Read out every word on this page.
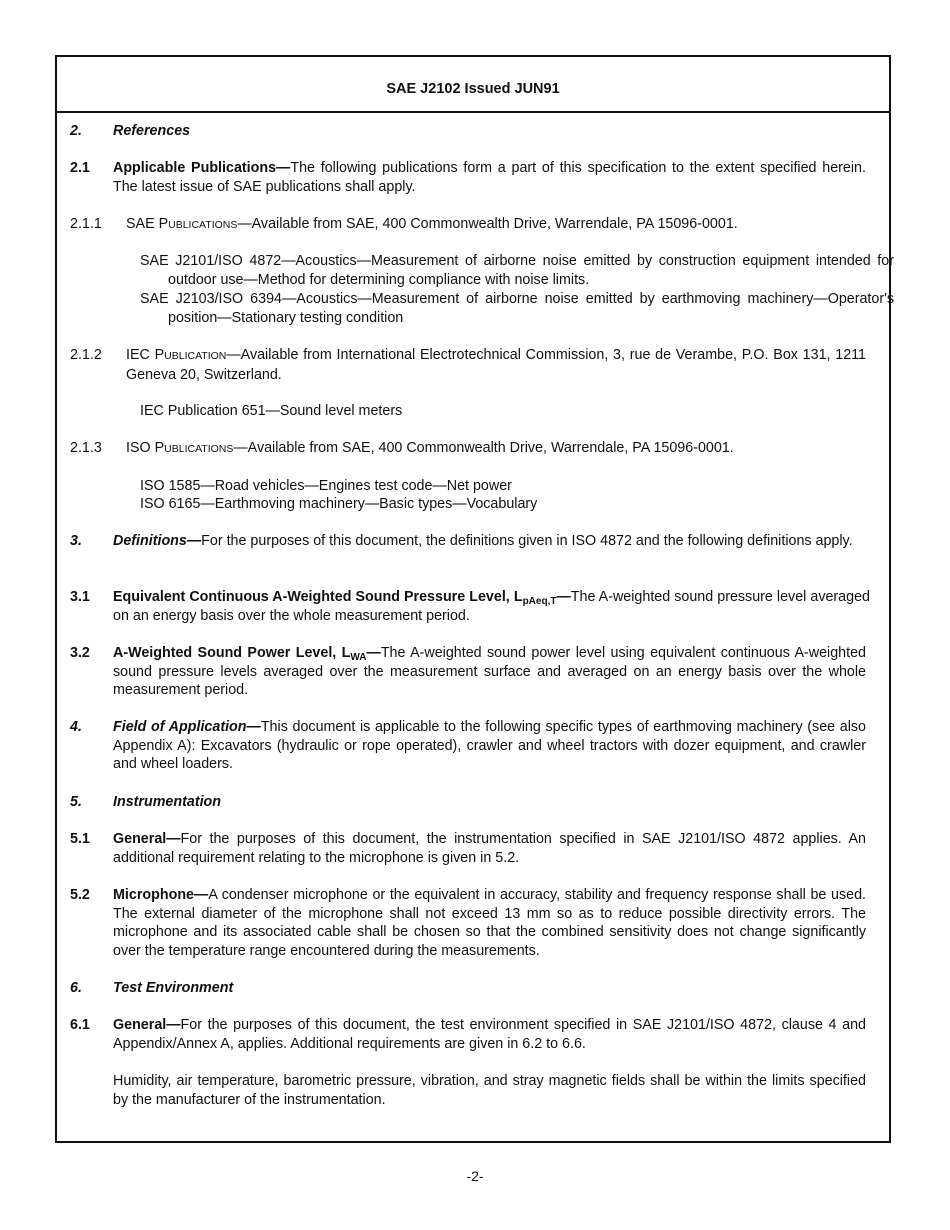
SAE J2102 Issued JUN91
2. References
2.1 Applicable Publications—The following publications form a part of this specification to the extent specified herein. The latest issue of SAE publications shall apply.
2.1.1 SAE PUBLICATIONS—Available from SAE, 400 Commonwealth Drive, Warrendale, PA 15096-0001.
SAE J2101/ISO 4872—Acoustics—Measurement of airborne noise emitted by construction equipment intended for outdoor use—Method for determining compliance with noise limits.
SAE J2103/ISO 6394—Acoustics—Measurement of airborne noise emitted by earthmoving machinery—Operator's position—Stationary testing condition
2.1.2 IEC PUBLICATION—Available from International Electrotechnical Commission, 3, rue de Verambe, P.O. Box 131, 1211 Geneva 20, Switzerland.
IEC Publication 651—Sound level meters
2.1.3 ISO PUBLICATIONS—Available from SAE, 400 Commonwealth Drive, Warrendale, PA 15096-0001.
ISO 1585—Road vehicles—Engines test code—Net power
ISO 6165—Earthmoving machinery—Basic types—Vocabulary
3. Definitions—For the purposes of this document, the definitions given in ISO 4872 and the following definitions apply.
3.1 Equivalent Continuous A-Weighted Sound Pressure Level, $L_{pAeq,T}—The$ A-weighted sound pressure level averaged on an energy basis over the whole measurement period.
3.2 A-Weighted Sound Power Level, $L_{WA}—The$ A-weighted sound power level using equivalent continuous A-weighted sound pressure levels averaged over the measurement surface and averaged on an energy basis over the whole measurement period.
4. Field of Application—This document is applicable to the following specific types of earthmoving machinery (see also Appendix A): Excavators (hydraulic or rope operated), crawler and wheel tractors with dozer equipment, and crawler and wheel loaders.
5. Instrumentation
5.1 General—For the purposes of this document, the instrumentation specified in SAE J2101/ISO 4872 applies. An additional requirement relating to the microphone is given in 5.2.
5.2 Microphone—A condenser microphone or the equivalent in accuracy, stability and frequency response shall be used. The external diameter of the microphone shall not exceed 13 mm so as to reduce possible directivity errors. The microphone and its associated cable shall be chosen so that the combined sensitivity does not change significantly over the temperature range encountered during the measurements.
6. Test Environment
6.1 General—For the purposes of this document, the test environment specified in SAE J2101/ISO 4872, clause 4 and Appendix/Annex A, applies. Additional requirements are given in 6.2 to 6.6.
Humidity, air temperature, barometric pressure, vibration, and stray magnetic fields shall be within the limits specified by the manufacturer of the instrumentation.
-2-
